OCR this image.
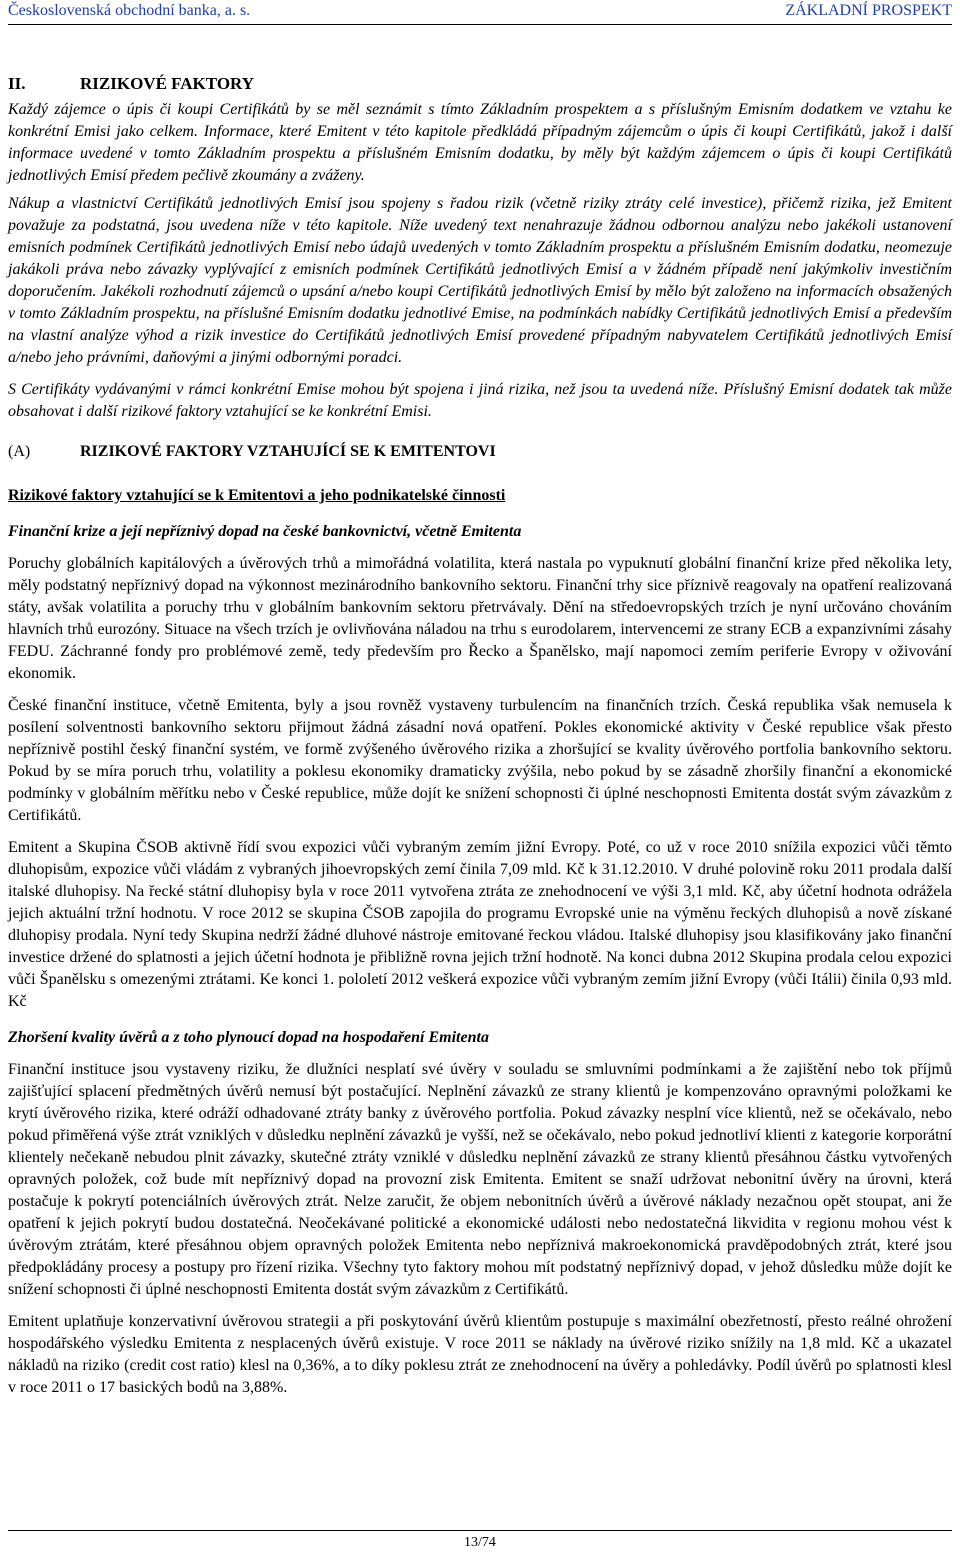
Československá obchodní banka, a. s.	ZÁKLADNÍ PROSPEKT
II.	RIZIKOVÉ FAKTORY

Každý zájemce o úpis či koupi Certifikátů by se měl seznámit s tímto Základním prospektem a s příslušným Emisním dodatkem ve vztahu ke konkrétní Emisi jako celkem. Informace, které Emitent v této kapitole předkládá případným zájemcům o úpis či koupi Certifikátů, jakož i další informace uvedené v tomto Základním prospektu a příslušném Emisním dodatku, by měly být každým zájemcem o úpis či koupi Certifikátů jednotlivých Emisí předem pečlivě zkoumány a zváženy.

Nákup a vlastnictví Certifikátů jednotlivých Emisí jsou spojeny s řadou rizik (včetně riziky ztráty celé investice), přičemž rizika, jež Emitent považuje za podstatná, jsou uvedena níže v této kapitole. Níže uvedený text nenahrazuje žádnou odbornou analýzu nebo jakékoli ustanovení emisních podmínek Certifikátů jednotlivých Emisí nebo údajů uvedených v tomto Základním prospektu a příslušném Emisním dodatku, neomezuje jakákoli práva nebo závazky vyplývající z emisních podmínek Certifikátů jednotlivých Emisí a v žádném případě není jakýmkoliv investičním doporučením. Jakékoli rozhodnutí zájemců o upsání a/nebo koupi Certifikátů jednotlivých Emisí by mělo být založeno na informacích obsažených v tomto Základním prospektu, na příslušné Emisním dodatku jednotlivé Emise, na podmínkách nabídky Certifikátů jednotlivých Emisí a především na vlastní analýze výhod a rizik investice do Certifikátů jednotlivých Emisí provedené případným nabyvatelem Certifikátů jednotlivých Emisí a/nebo jeho právními, daňovými a jinými odbornými poradci.

S Certifikáty vydávanými v rámci konkrétní Emise mohou být spojena i jiná rizika, než jsou ta uvedená níže. Příslušný Emisní dodatek tak může obsahovat i další rizikové faktory vztahující se ke konkrétní Emisi.

(A)	RIZIKOVÉ FAKTORY VZTAHUJÍCÍ SE K EMITENTOVI
Rizikové faktory vztahující se k Emitentovi a jeho podnikatelské činnosti
Finanční krize a její nepříznivý dopad na české bankovnictví, včetně Emitenta

Poruchy globálních kapitálových a úvěrových trhů a mimořádná volatilita, která nastala po vypuknutí globální finanční krize před několika lety, měly podstatný nepříznivý dopad na výkonnost mezinárodního bankovního sektoru. Finanční trhy sice příznivě reagovaly na opatření realizovaná státy, avšak volatilita a poruchy trhu v globálním bankovním sektoru přetrvávaly. Dění na středoevropských trzích je nyní určováno chováním hlavních trhů eurozóny. Situace na všech trzích je ovlivňována náladou na trhu s eurodolarem, intervencemi ze strany ECB a expanzivními zásahy FEDU. Záchranné fondy pro problémové země, tedy především pro Řecko a Španělsko, mají napomoci zemím periferie Evropy v oživování ekonomik.

České finanční instituce, včetně Emitenta, byly a jsou rovněž vystaveny turbulencím na finančních trzích. Česká republika však nemusela k posílení solventnosti bankovního sektoru přijmout žádná zásadní nová opatření. Pokles ekonomické aktivity v České republice však přesto nepříznivě postihl český finanční systém, ve formě zvýšeného úvěrového rizika a zhoršující se kvality úvěrového portfolia bankovního sektoru. Pokud by se míra poruch trhu, volatility a poklesu ekonomiky dramaticky zvýšila, nebo pokud by se zásadně zhoršily finanční a ekonomické podmínky v globálním měřítku nebo v České republice, může dojít ke snížení schopnosti či úplné neschopnosti Emitenta dostát svým závazkům z Certifikátů.

Emitent a Skupina ČSOB aktivně řídí svou expozici vůči vybraným zemím jižní Evropy. Poté, co už v roce 2010 snížila expozici vůči těmto dluhopisům, expozice vůči vládám z vybraných jihoevropských zemí činila 7,09 mld. Kč k 31.12.2010. V druhé polovině roku 2011 prodala další italské dluhopisy. Na řecké státní dluhopisy byla v roce 2011 vytvořena ztráta ze znehodnocení ve výši 3,1 mld. Kč, aby účetní hodnota odrážela jejich aktuální tržní hodnotu. V roce 2012 se skupina ČSOB zapojila do programu Evropské unie na výměnu řeckých dluhopisů a nově získané dluhopisy prodala. Nyní tedy Skupina nedrží žádné dluhové nástroje emitované řeckou vládou. Italské dluhopisy jsou klasifikovány jako finanční investice držené do splatnosti a jejich účetní hodnota je přibližně rovna jejich tržní hodnotě. Na konci dubna 2012 Skupina prodala celou expozici vůči Španělsku s omezenými ztrátami. Ke konci 1. pololetí 2012 veškerá expozice vůči vybraným zemím jižní Evropy (vůči Itálii) činila 0,93 mld. Kč

Zhoršení kvality úvěrů a z toho plynoucí dopad na hospodaření Emitenta

Finanční instituce jsou vystaveny riziku, že dlužníci nesplatí své úvěry v souladu se smluvními podmínkami a že zajištění nebo tok příjmů zajišťující splacení předmětných úvěrů nemusí být postačující. Neplnění závazků ze strany klientů je kompenzováno opravnými položkami ke krytí úvěrového rizika, které odráží odhadované ztráty banky z úvěrového portfolia. Pokud závazky nesplní více klientů, než se očekávalo, nebo pokud přiměřená výše ztrát vzniklých v důsledku neplnění závazků je vyšší, než se očekávalo, nebo pokud jednotliví klienti z kategorie korporátní klientely nečekaně nebudou plnit závazky, skutečné ztráty vzniklé v důsledku neplnění závazků ze strany klientů přesáhnou částku vytvořených opravných položek, což bude mít nepříznivý dopad na provozní zisk Emitenta. Emitent se snaží udržovat nebonitní úvěry na úrovni, která postačuje k pokrytí potenciálních úvěrových ztrát. Nelze zaručit, že objem nebonitních úvěrů a úvěrové náklady nezačnou opět stoupat, ani že opatření k jejich pokrytí budou dostatečná. Neočekávané politické a ekonomické události nebo nedostatečná likvidita v regionu mohou vést k úvěrovým ztrátám, které přesáhnou objem opravných položek Emitenta nebo nepříznivá makroekonomická pravděpodobných ztrát, které jsou předpokládány procesy a postupy pro řízení rizika. Všechny tyto faktory mohou mít podstatný nepříznivý dopad, v jehož důsledku může dojít ke snížení schopnosti či úplné neschopnosti Emitenta dostát svým závazkům z Certifikátů.

Emitent uplatňuje konzervativní úvěrovou strategii a při poskytování úvěrů klientům postupuje s maximální obezřetností, přesto reálné ohrožení hospodářského výsledku Emitenta z nesplacených úvěrů existuje. V roce 2011 se náklady na úvěrové riziko snížily na 1,8 mld. Kč a ukazatel nákladů na riziko (credit cost ratio) klesl na 0,36%, a to díky poklesu ztrát ze znehodnocení na úvěry a pohledávky. Podíl úvěrů po splatnosti klesl v roce 2011 o 17 basických bodů na 3,88%.

13/74
